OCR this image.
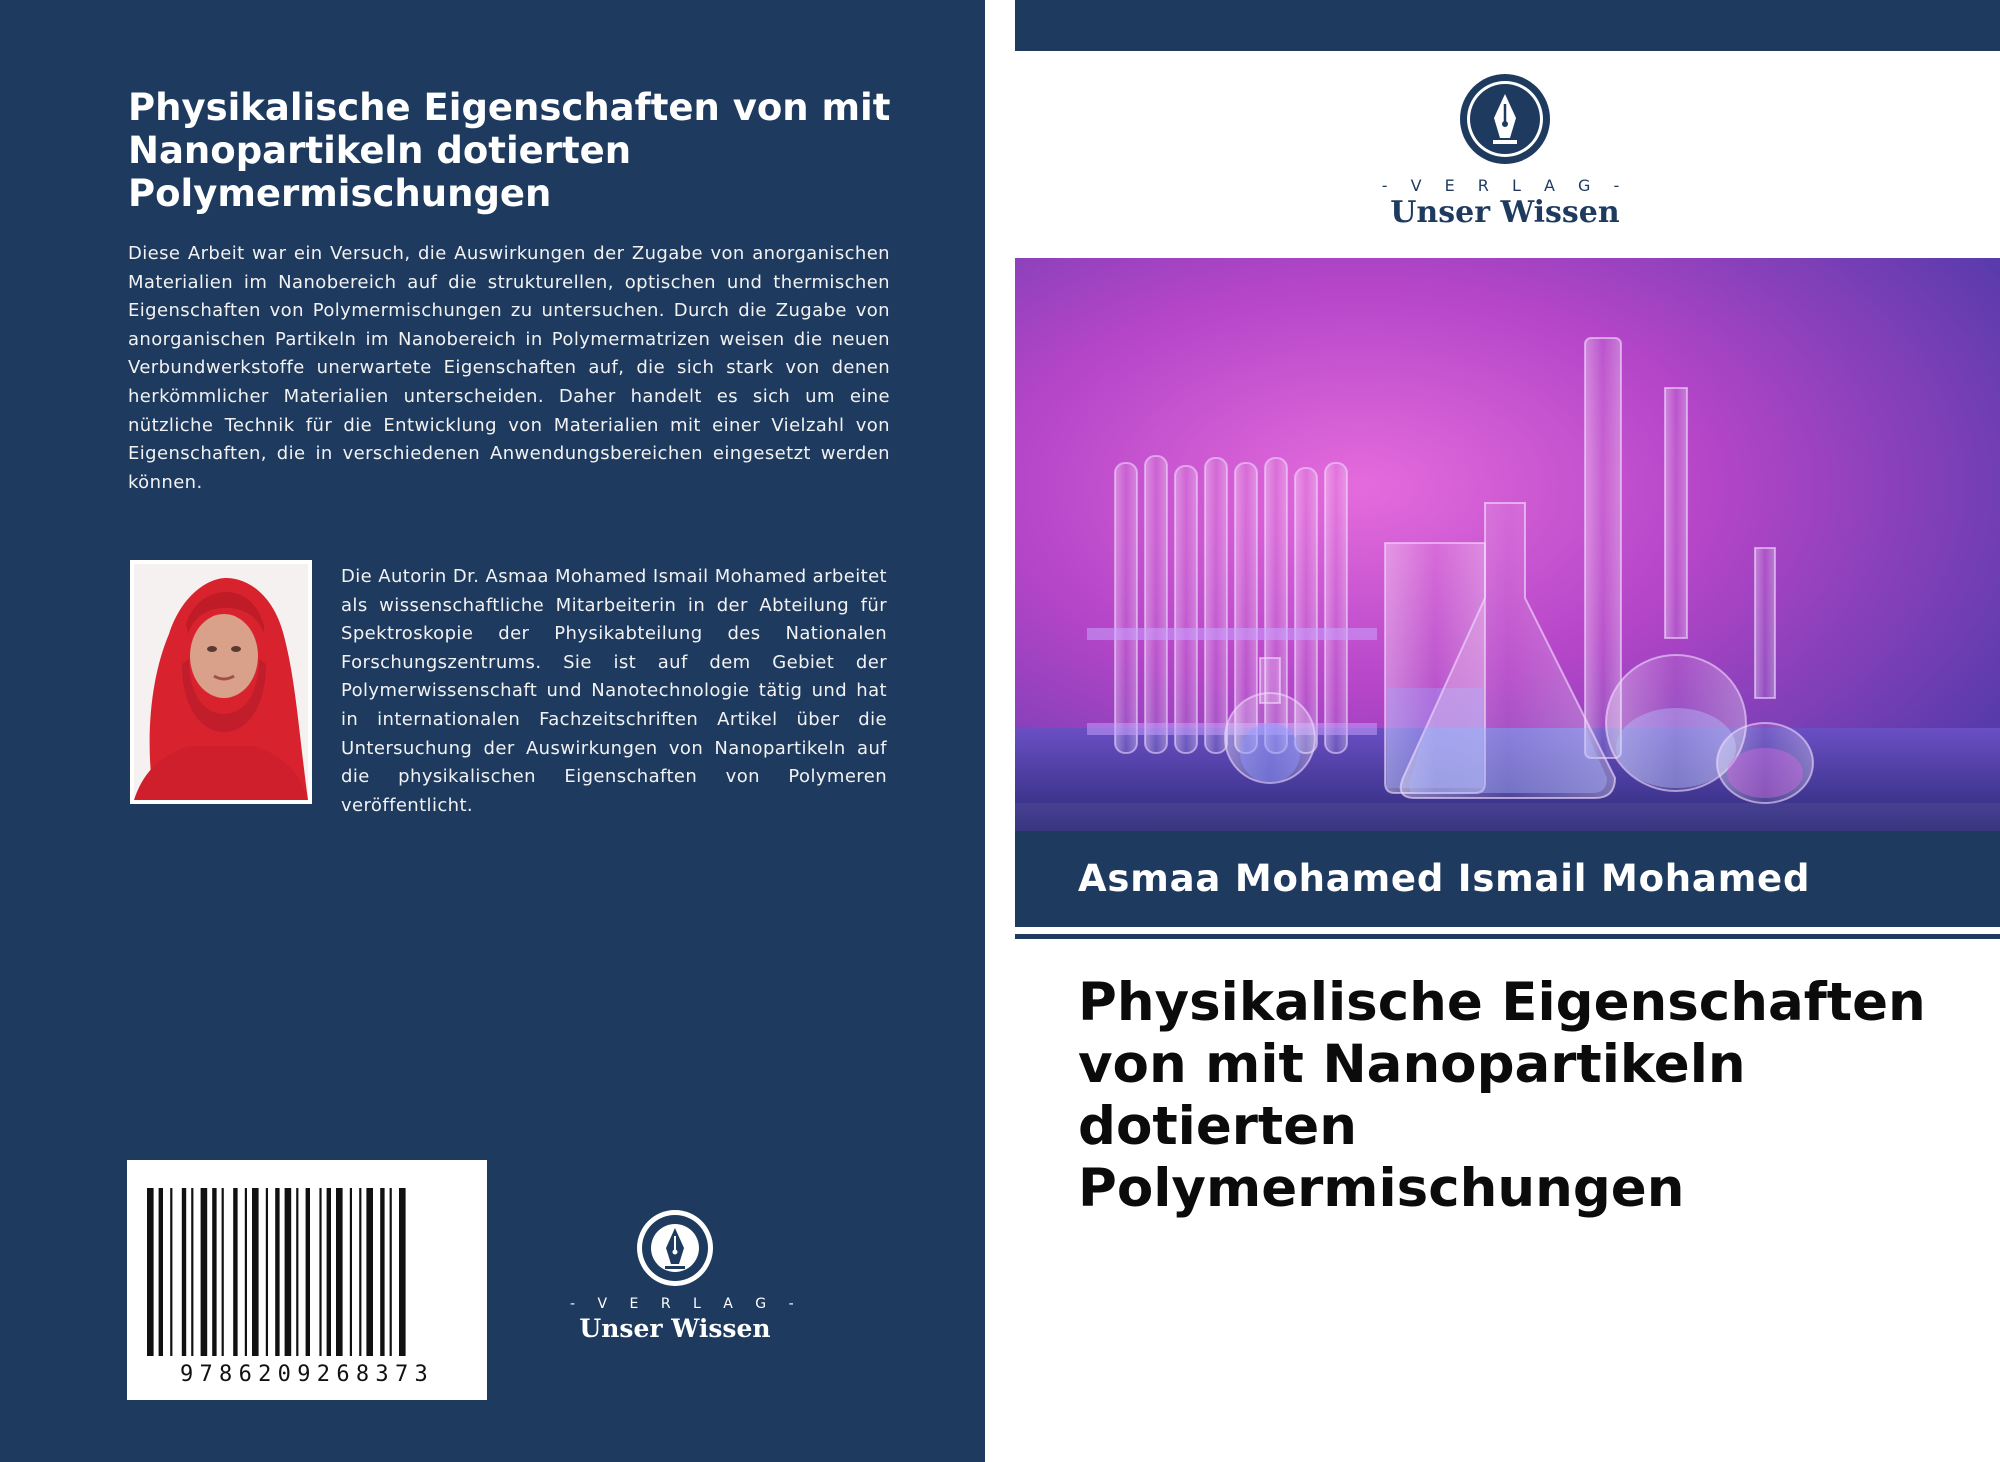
Physikalische Eigenschaften von mit Nanopartikeln dotierten Polymermischungen

Diese Arbeit war ein Versuch, die Auswirkungen der Zugabe von anorganischen Materialien im Nanobereich auf die strukturellen, optischen und thermischen Eigenschaften von Polymermischungen zu untersuchen. Durch die Zugabe von anorganischen Partikeln im Nanobereich in Polymermatrizen weisen die neuen Verbundwerkstoffe unerwartete Eigenschaften auf, die sich stark von denen herkömmlicher Materialien unterscheiden. Daher handelt es sich um eine nützliche Technik für die Entwicklung von Materialien mit einer Vielzahl von Eigenschaften, die in verschiedenen Anwendungsbereichen eingesetzt werden können.

Die Autorin Dr. Asmaa Mohamed Ismail Mohamed arbeitet als wissenschaftliche Mitarbeiterin in der Abteilung für Spektroskopie der Physikabteilung des Nationalen Forschungszentrums. Sie ist auf dem Gebiet der Polymerwissenschaft und Nanotechnologie tätig und hat in internationalen Fachzeitschriften Artikel über die Untersuchung der Auswirkungen von Nanopartikeln auf die physikalischen Eigenschaften von Polymeren veröffentlicht.

9786209268373
- V E R L A G -
Unser Wissen
- V E R L A G -
Unser Wissen
Asmaa Mohamed Ismail Mohamed
Physikalische Eigenschaften von mit Nanopartikeln dotierten Polymermischungen
